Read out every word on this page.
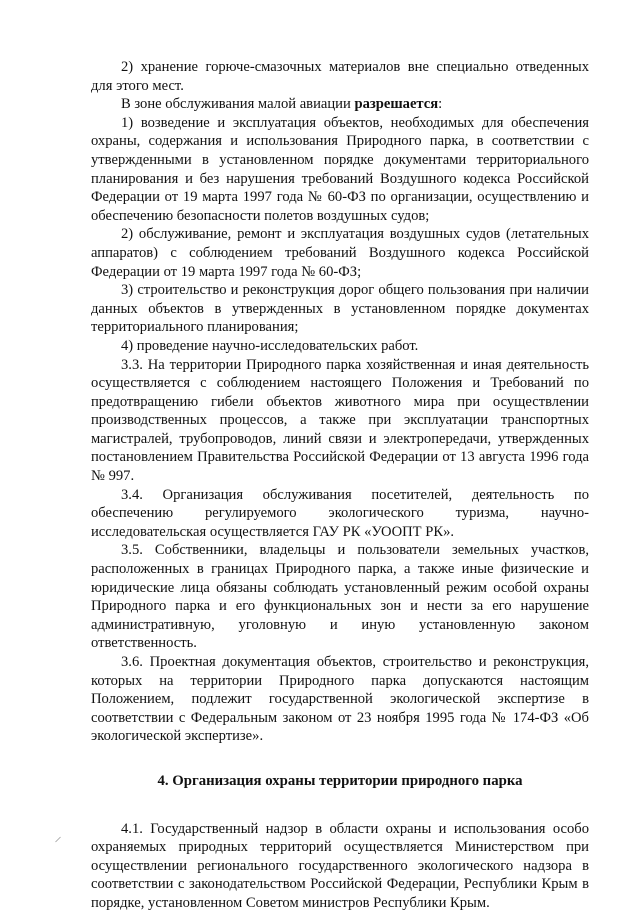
2) хранение горюче-смазочных материалов вне специально отведенных для этого мест.

В зоне обслуживания малой авиации разрешается:

1) возведение и эксплуатация объектов, необходимых для обеспечения охраны, содержания и использования Природного парка, в соответствии с утвержденными в установленном порядке документами территориального планирования и без нарушения требований Воздушного кодекса Российской Федерации от 19 марта 1997 года № 60-ФЗ по организации, осуществлению и обеспечению безопасности полетов воздушных судов;

2) обслуживание, ремонт и эксплуатация воздушных судов (летательных аппаратов) с соблюдением требований Воздушного кодекса Российской Федерации от 19 марта 1997 года № 60-ФЗ;

3) строительство и реконструкция дорог общего пользования при наличии данных объектов в утвержденных в установленном порядке документах территориального планирования;

4) проведение научно-исследовательских работ.

3.3. На территории Природного парка хозяйственная и иная деятельность осуществляется с соблюдением настоящего Положения и Требований по предотвращению гибели объектов животного мира при осуществлении производственных процессов, а также при эксплуатации транспортных магистралей, трубопроводов, линий связи и электропередачи, утвержденных постановлением Правительства Российской Федерации от 13 августа 1996 года № 997.

3.4. Организация обслуживания посетителей, деятельность по обеспечению регулируемого экологического туризма, научно-исследовательская осуществляется ГАУ РК «УООПТ РК».

3.5. Собственники, владельцы и пользователи земельных участков, расположенных в границах Природного парка, а также иные физические и юридические лица обязаны соблюдать установленный режим особой охраны Природного парка и его функциональных зон и нести за его нарушение административную, уголовную и иную установленную законом ответственность.

3.6. Проектная документация объектов, строительство и реконструкция, которых на территории Природного парка допускаются настоящим Положением, подлежит государственной экологической экспертизе в соответствии с Федеральным законом от 23 ноября 1995 года № 174-ФЗ «Об экологической экспертизе».

4. Организация охраны территории природного парка

4.1. Государственный надзор в области охраны и использования особо охраняемых природных территорий осуществляется Министерством при осуществлении регионального государственного экологического надзора в соответствии с законодательством Российской Федерации, Республики Крым в порядке, установленном Советом министров Республики Крым.
